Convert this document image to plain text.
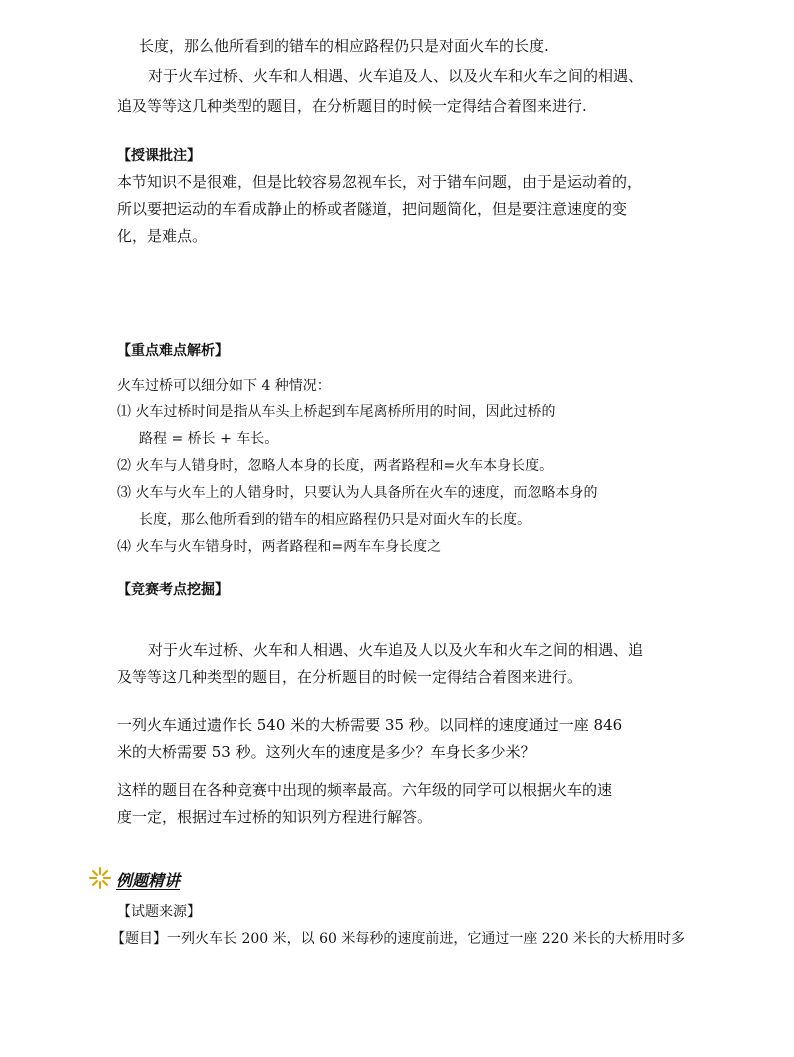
长度，那么他所看到的错车的相应路程仍只是对面火车的长度.
对于火车过桥、火车和人相遇、火车追及人、以及火车和火车之间的相遇、
追及等等这几种类型的题目，在分析题目的时候一定得结合着图来进行.
【授课批注】
本节知识不是很难，但是比较容易忽视车长，对于错车问题，由于是运动着的，
所以要把运动的车看成静止的桥或者隧道，把问题简化，但是要注意速度的变
化，是难点。
【重点难点解析】
火车过桥可以细分如下 4 种情况：
⑴ 火车过桥时间是指从车头上桥起到车尾离桥所用的时间，因此过桥的
路程 = 桥长 + 车长。
⑵ 火车与人错身时，忽略人本身的长度，两者路程和=火车本身长度。
⑶ 火车与火车上的人错身时，只要认为人具备所在火车的速度，而忽略本身的
长度，那么他所看到的错车的相应路程仍只是对面火车的长度。
⑷ 火车与火车错身时，两者路程和=两车车身长度之
【竞赛考点挖掘】
对于火车过桥、火车和人相遇、火车追及人以及火车和火车之间的相遇、追
及等等这几种类型的题目，在分析题目的时候一定得结合着图来进行。
一列火车通过遗作长 540 米的大桥需要 35 秒。以同样的速度通过一座 846
米的大桥需要 53 秒。这列火车的速度是多少？车身长多少米？
这样的题目在各种竞赛中出现的频率最高。六年级的同学可以根据火车的速
度一定，根据过车过桥的知识列方程进行解答。
例题精讲
【试题来源】
【题目】一列火车长 200 米，以 60 米每秒的速度前进，它通过一座 220 米长的大桥用时多
